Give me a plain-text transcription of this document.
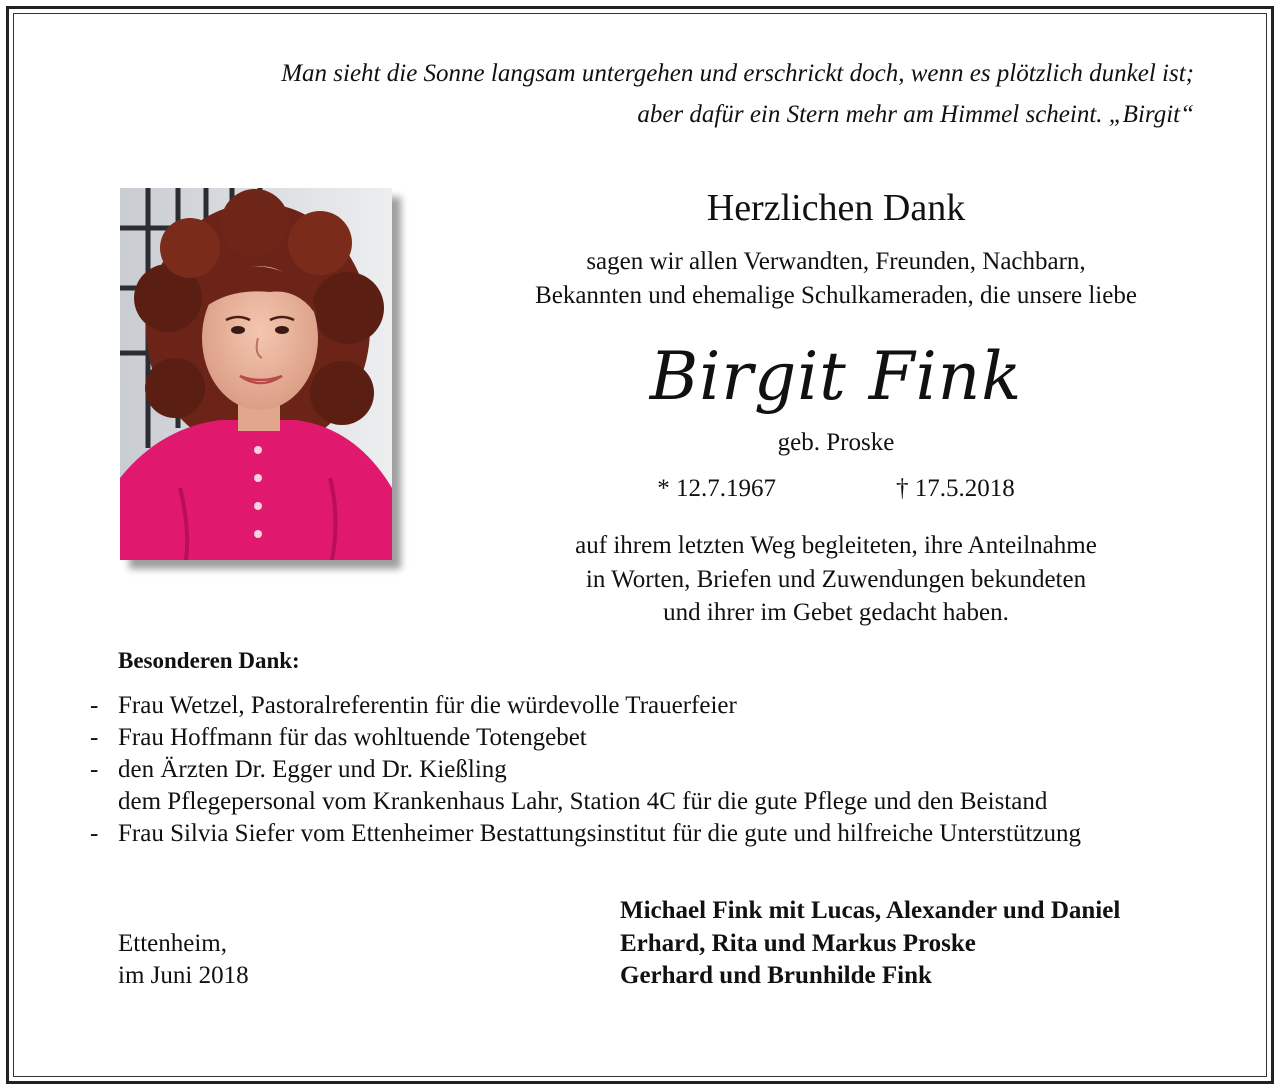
Man sieht die Sonne langsam untergehen und erschrickt doch, wenn es plötzlich dunkel ist;
aber dafür ein Stern mehr am Himmel scheint. „Birgit“
Herzlichen Dank
sagen wir allen Verwandten, Freunden, Nachbarn,
Bekannten und ehemalige Schulkameraden, die unsere liebe
Birgit Fink
geb. Proske
* 12.7.1967	† 17.5.2018
auf ihrem letzten Weg begleiteten, ihre Anteilnahme
in Worten, Briefen und Zuwendungen bekundeten
und ihrer im Gebet gedacht haben.
Besonderen Dank:
- Frau Wetzel, Pastoralreferentin für die würdevolle Trauerfeier
- Frau Hoffmann für das wohltuende Totengebet
- den Ärzten Dr. Egger und Dr. Kießling
dem Pflegepersonal vom Krankenhaus Lahr, Station 4C für die gute Pflege und den Beistand
- Frau Silvia Siefer vom Ettenheimer Bestattungsinstitut für die gute und hilfreiche Unterstützung
Ettenheim,
im Juni 2018
Michael Fink mit Lucas, Alexander und Daniel
Erhard, Rita und Markus Proske
Gerhard und Brunhilde Fink
